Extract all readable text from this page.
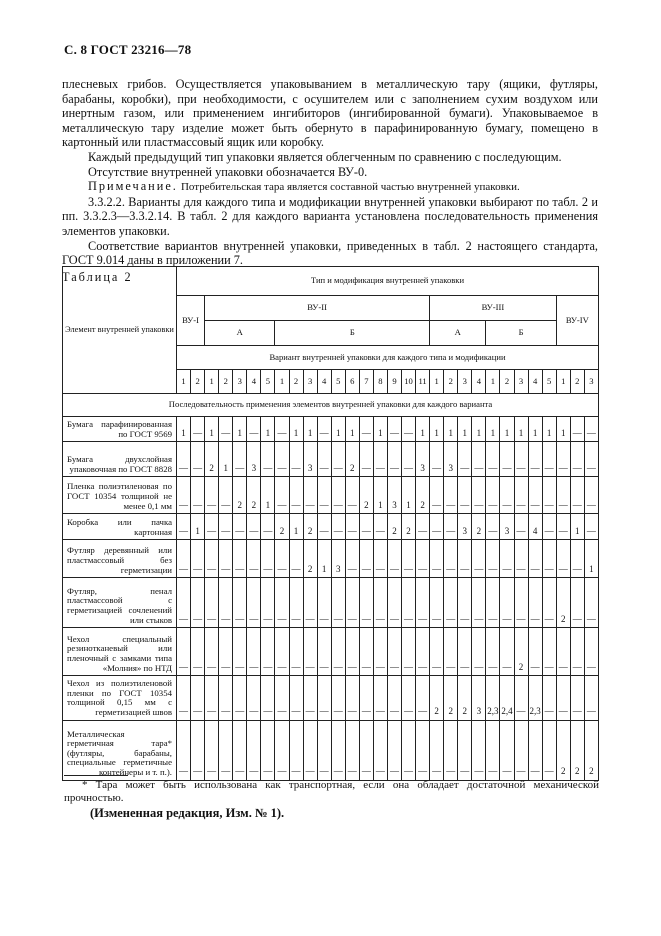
С. 8 ГОСТ 23216—78

плесневых грибов. Осуществляется упаковыванием в металлическую тару (ящики, футляры, барабаны, коробки), при необходимости, с осушителем или с заполнением сухим воздухом или инертным газом, или применением ингибиторов (ингибированной бумаги). Упаковываемое в металлическую тару изделие может быть обернуто в парафинированную бумагу, помещено в картонный или пластмассовый ящик или коробку.

Каждый предыдущий тип упаковки является облегченным по сравнению с последующим.

Отсутствие внутренней упаковки обозначается ВУ-0.

Примечание. Потребительская тара является составной частью внутренней упаковки.

3.3.2.2. Варианты для каждого типа и модификации внутренней упаковки выбирают по табл. 2 и пп. 3.3.2.3—3.3.2.14. В табл. 2 для каждого варианта установлена последовательность применения элементов упаковки.

Соответствие вариантов внутренней упаковки, приведенных в табл. 2 настоящего стандарта, ГОСТ 9.014 даны в приложении 7.

Таблица 2

Элемент внутренней упаковки	Тип и модификация внутренней упаковки																													
	ВУ-I		ВУ-II																ВУ-III									ВУ-IV		
			А					Б											А				Б							
	Вариант внутренней упаковки для каждого типа и модификации																													
	1	2	1	2	3	4	5	1	2	3	4	5	6	7	8	9	10	11	1	2	3	4	1	2	3	4	5	1	2	3
Последовательность применения элементов внутренней упаковки для каждого варианта																														
Бумага парафинированная по ГОСТ 9569	1	—	1	—	1	—	1	—	1	1	—	1	1	—	1	—	—	1	1	1	1	1	1	1	1	1	1	1	—	—
Бумага двухслойная упаковочная по ГОСТ 8828	—	—	2	1	—	3	—	—	—	3	—	—	2	—	—	—	—	3	—	3	—	—	—	—	—	—	—	—	—	—
Пленка полиэтиленовая по ГОСТ 10354 толщиной не менее 0,1 мм	—	—	—	—	2	2	1	—	—	—	—	—	—	2	1	3	1	2	—	—	—	—	—	—	—	—	—	—	—	—
Коробка или пачка картонная	—	1	—	—	—	—	—	2	1	2	—	—	—	—	—	2	2	—	—	—	3	2	—	3	—	4	—	—	1	—
Футляр деревянный или пластмассовый без герметизации	—	—	—	—	—	—	—	—	—	2	1	3	—	—	—	—	—	—	—	—	—	—	—	—	—	—	—	—	—	1
Футляр, пенал пластмассовой с герметизацией сочленений или стыков	—	—	—	—	—	—	—	—	—	—	—	—	—	—	—	—	—	—	—	—	—	—	—	—	—	—	—	2	—	—
Чехол специальный резинотканевый или пленочный с замками типа «Молния» по НТД	—	—	—	—	—	—	—	—	—	—	—	—	—	—	—	—	—	—	—	—	—	—	—	—	2	—	—	—	—	—
Чехол из полиэтиленовой пленки по ГОСТ 10354 толщиной 0,15 мм с герметизацией швов	—	—	—	—	—	—	—	—	—	—	—	—	—	—	—	—	—	—	2	2	2	3	2,3	2,4	—	2,3	—	—	—	—
Металлическая герметичная тара* (футляры, барабаны, специальные герметичные контейнеры и т. п.).	—	—	—	—	—	—	—	—	—	—	—	—	—	—	—	—	—	—	—	—	—	—	—	—	—	—	—	2	2	2
* Тара может быть использована как транспортная, если она обладает достаточной механической прочностью.
(Измененная редакция, Изм. № 1).
